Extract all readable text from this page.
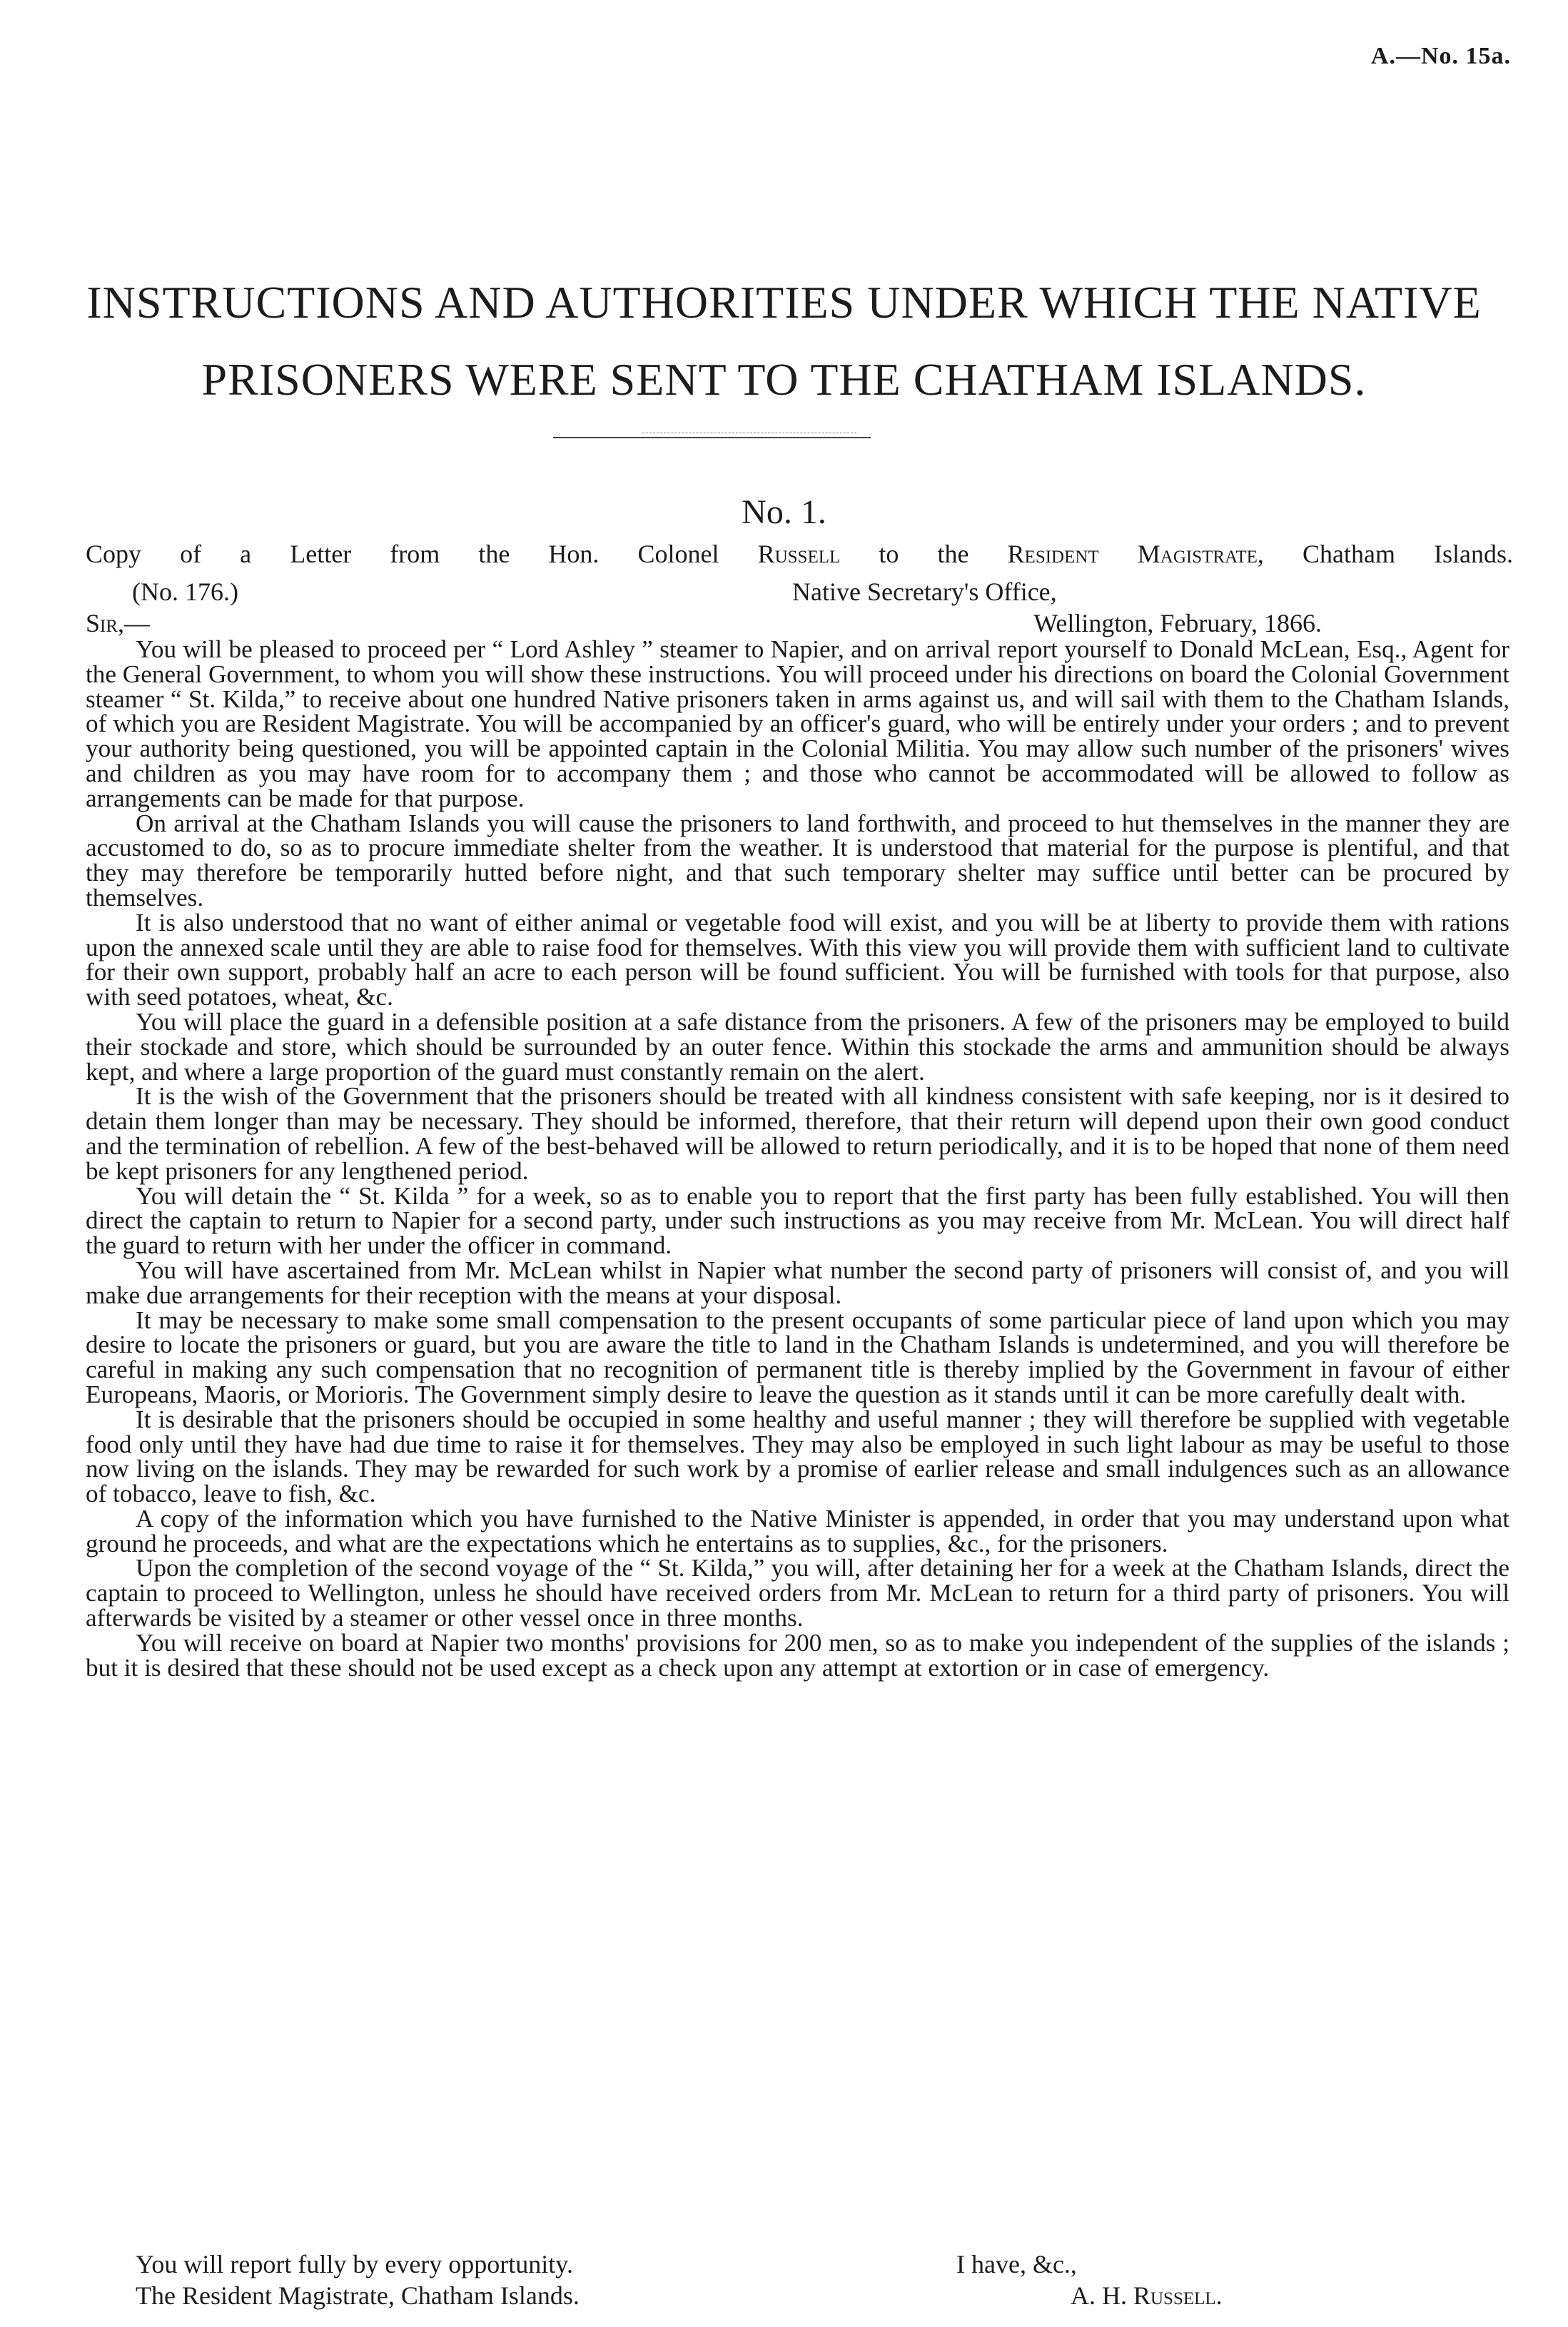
A.—No. 15a.
INSTRUCTIONS AND AUTHORITIES UNDER WHICH THE NATIVE
PRISONERS WERE SENT TO THE CHATHAM ISLANDS.
No. 1.
Copy of a Letter from the Hon. Colonel Russell to the Resident Magistrate, Chatham Islands.
(No. 176.)	Native Secretary's Office,
Sir,—	Wellington, February, 1866.

You will be pleased to proceed per “ Lord Ashley ” steamer to Napier, and on arrival report yourself to Donald McLean, Esq., Agent for the General Government, to whom you will show these instructions. You will proceed under his directions on board the Colonial Government steamer “ St. Kilda,” to receive about one hundred Native prisoners taken in arms against us, and will sail with them to the Chatham Islands, of which you are Resident Magistrate. You will be accompanied by an officer's guard, who will be entirely under your orders ; and to prevent your authority being questioned, you will be appointed captain in the Colonial Militia. You may allow such number of the prisoners' wives and children as you may have room for to accompany them ; and those who cannot be accommodated will be allowed to follow as arrangements can be made for that purpose.

On arrival at the Chatham Islands you will cause the prisoners to land forthwith, and proceed to hut themselves in the manner they are accustomed to do, so as to procure immediate shelter from the weather. It is understood that material for the purpose is plentiful, and that they may therefore be temporarily hutted before night, and that such temporary shelter may suffice until better can be procured by themselves.

It is also understood that no want of either animal or vegetable food will exist, and you will be at liberty to provide them with rations upon the annexed scale until they are able to raise food for themselves. With this view you will provide them with sufficient land to cultivate for their own support, probably half an acre to each person will be found sufficient. You will be furnished with tools for that purpose, also with seed potatoes, wheat, &c.

You will place the guard in a defensible position at a safe distance from the prisoners. A few of the prisoners may be employed to build their stockade and store, which should be surrounded by an outer fence. Within this stockade the arms and ammunition should be always kept, and where a large proportion of the guard must constantly remain on the alert.

It is the wish of the Government that the prisoners should be treated with all kindness consistent with safe keeping, nor is it desired to detain them longer than may be necessary. They should be informed, therefore, that their return will depend upon their own good conduct and the termination of rebellion. A few of the best-behaved will be allowed to return periodically, and it is to be hoped that none of them need be kept prisoners for any lengthened period.

You will detain the “ St. Kilda ” for a week, so as to enable you to report that the first party has been fully established. You will then direct the captain to return to Napier for a second party, under such instructions as you may receive from Mr. McLean. You will direct half the guard to return with her under the officer in command.

You will have ascertained from Mr. McLean whilst in Napier what number the second party of prisoners will consist of, and you will make due arrangements for their reception with the means at your disposal.

It may be necessary to make some small compensation to the present occupants of some particular piece of land upon which you may desire to locate the prisoners or guard, but you are aware the title to land in the Chatham Islands is undetermined, and you will therefore be careful in making any such compensation that no recognition of permanent title is thereby implied by the Government in favour of either Europeans, Maoris, or Morioris. The Government simply desire to leave the question as it stands until it can be more carefully dealt with.

It is desirable that the prisoners should be occupied in some healthy and useful manner ; they will therefore be supplied with vegetable food only until they have had due time to raise it for themselves. They may also be employed in such light labour as may be useful to those now living on the islands. They may be rewarded for such work by a promise of earlier release and small indulgences such as an allowance of tobacco, leave to fish, &c.

A copy of the information which you have furnished to the Native Minister is appended, in order that you may understand upon what ground he proceeds, and what are the expectations which he entertains as to supplies, &c., for the prisoners.

Upon the completion of the second voyage of the “ St. Kilda,” you will, after detaining her for a week at the Chatham Islands, direct the captain to proceed to Wellington, unless he should have received orders from Mr. McLean to return for a third party of prisoners. You will afterwards be visited by a steamer or other vessel once in three months.

You will receive on board at Napier two months' provisions for 200 men, so as to make you independent of the supplies of the islands ; but it is desired that these should not be used except as a check upon any attempt at extortion or in case of emergency.

You will report fully by every opportunity.
The Resident Magistrate, Chatham Islands.
I have, &c.,
A. H. Russell.
